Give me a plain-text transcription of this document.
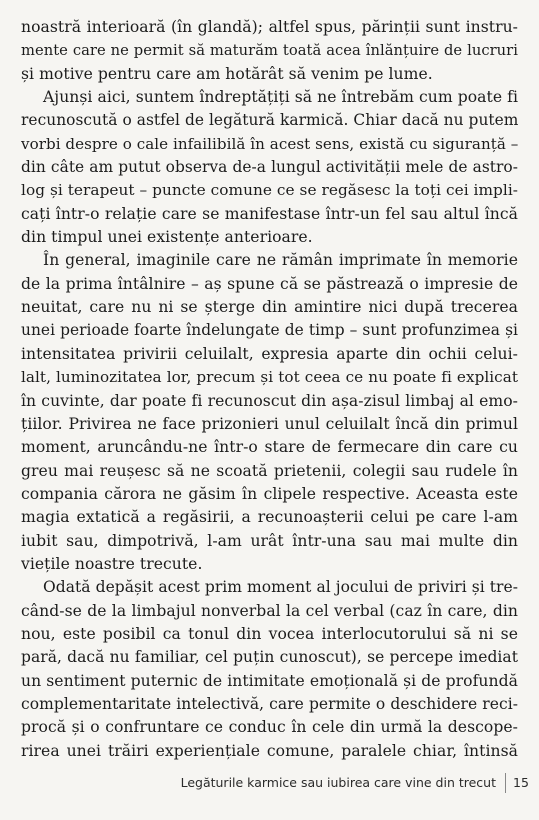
noastră interioară (în glandă); altfel spus, părinții sunt instru-
mente care ne permit să maturăm toată acea înlănțuire de lucruri
și motive pentru care am hotărât să venim pe lume.
Ajunși aici, suntem îndreptățiți să ne întrebăm cum poate fi
recunoscută o astfel de legătură karmică. Chiar dacă nu putem
vorbi despre o cale infailibilă în acest sens, există cu siguranță –
din câte am putut observa de-a lungul activității mele de astro-
log și terapeut – puncte comune ce se regăsesc la toți cei impli-
cați într-o relație care se manifestase într-un fel sau altul încă
din timpul unei existențe anterioare.
În general, imaginile care ne rămân imprimate în memorie
de la prima întâlnire – aș spune că se păstrează o impresie de
neuitat, care nu ni se șterge din amintire nici după trecerea
unei perioade foarte îndelungate de timp – sunt profunzimea și
intensitatea privirii celuilalt, expresia aparte din ochii celui-
lalt, luminozitatea lor, precum și tot ceea ce nu poate fi explicat
în cuvinte, dar poate fi recunoscut din așa-zisul limbaj al emo-
țiilor. Privirea ne face prizonieri unul celuilalt încă din primul
moment, aruncându-ne într-o stare de fermecare din care cu
greu mai reușesc să ne scoată prietenii, colegii sau rudele în
compania cărora ne găsim în clipele respective. Aceasta este
magia extatică a regăsirii, a recunoașterii celui pe care l-am
iubit sau, dimpotrivă, l-am urât într-una sau mai multe din
viețile noastre trecute.
Odată depășit acest prim moment al jocului de priviri și tre-
când-se de la limbajul nonverbal la cel verbal (caz în care, din
nou, este posibil ca tonul din vocea interlocutorului să ni se
pară, dacă nu familiar, cel puțin cunoscut), se percepe imediat
un sentiment puternic de intimitate emoțională și de profundă
complementaritate intelectivă, care permite o deschidere reci-
procă și o confruntare ce conduc în cele din urmă la descope-
rirea unei trăiri experiențiale comune, paralele chiar, întinsă
Legăturile karmice sau iubirea care vine din trecut 15
